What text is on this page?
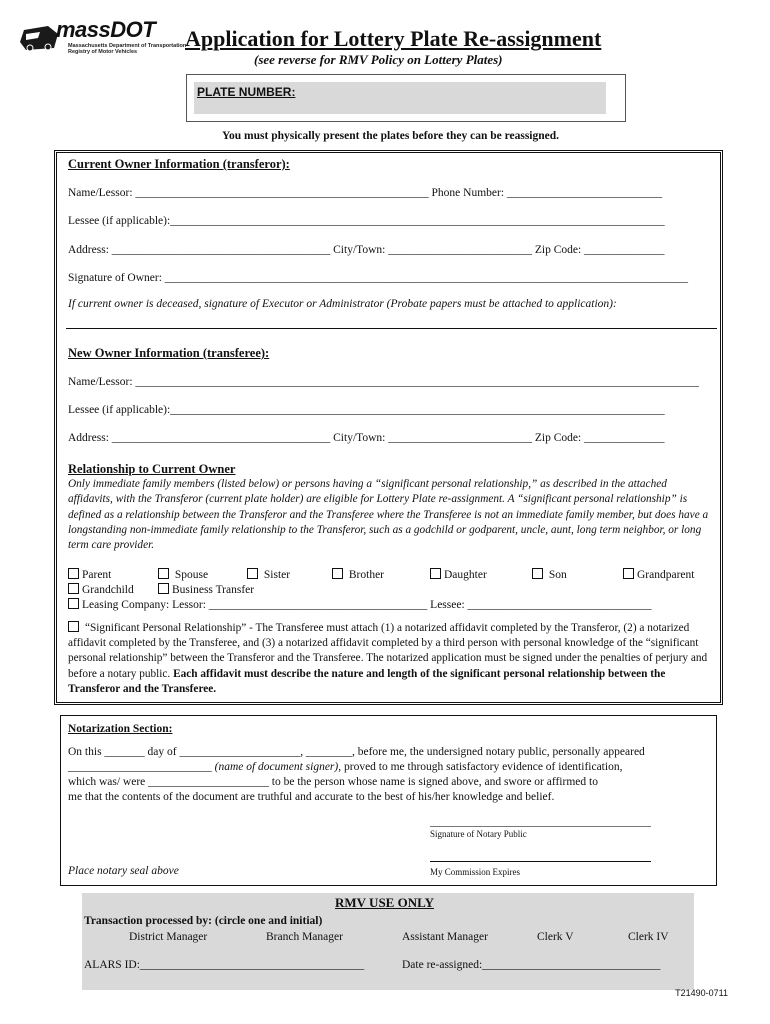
massDOT
Massachusetts Department of Transportation
Registry of Motor Vehicles
Application for Lottery Plate Re-assignment
(see reverse for RMV Policy on Lottery Plates)
PLATE NUMBER:
You must physically present the plates before they can be reassigned.
Current Owner Information (transferor):
Name/Lessor: ___________________________________________________ Phone Number: ___________________________
Lessee (if applicable):______________________________________________________________________________________
Address: ______________________________________ City/Town: _________________________ Zip Code: ______________
Signature of Owner: ___________________________________________________________________________________________
If current owner is deceased, signature of Executor or Administrator (Probate papers must be attached to application):
New Owner Information (transferee):
Name/Lessor: __________________________________________________________________________________________________
Lessee (if applicable):______________________________________________________________________________________
Address: ______________________________________ City/Town: _________________________ Zip Code: ______________
Relationship to Current Owner
Only immediate family members (listed below) or persons having a “significant personal relationship,” as described in the attached affidavits, with the Transferor (current plate holder) are eligible for Lottery Plate re-assignment. A “significant personal relationship” is defined as a relationship between the Transferor and the Transferee where the Transferee is not an immediate family member, but does have a longstanding non-immediate family relationship to the Transferor, such as a godchild or godparent, uncle, aunt, long term neighbor, or long term care provider.
Parent	Spouse	Sister	Brother	Daughter	Son	Grandparent
Grandchild	Business Transfer
Leasing Company: Lessor: ______________________________________ Lessee: ________________________________
“Significant Personal Relationship” - The Transferee must attach (1) a notarized affidavit completed by the Transferor, (2) a notarized affidavit completed by the Transferee, and (3) a notarized affidavit completed by a third person with personal knowledge of the “significant personal relationship” between the Transferor and the Transferee. The notarized application must be signed under the penalties of perjury and before a notary public. Each affidavit must describe the nature and length of the significant personal relationship between the Transferor and the Transferee.
Notarization Section:
On this _______ day of _____________________, ________, before me, the undersigned notary public, personally appeared
_________________________ (name of document signer), proved to me through satisfactory evidence of identification,
which was/ were _____________________ to be the person whose name is signed above, and swore or affirmed to
me that the contents of the document are truthful and accurate to the best of his/her knowledge and belief.
Signature of Notary Public
Place notary seal above	My Commission Expires
RMV USE ONLY
Transaction processed by: (circle one and initial)
District Manager	Branch Manager	Assistant Manager	Clerk V	Clerk IV
ALARS ID:_______________________________________	Date re-assigned:_______________________________
T21490-0711
